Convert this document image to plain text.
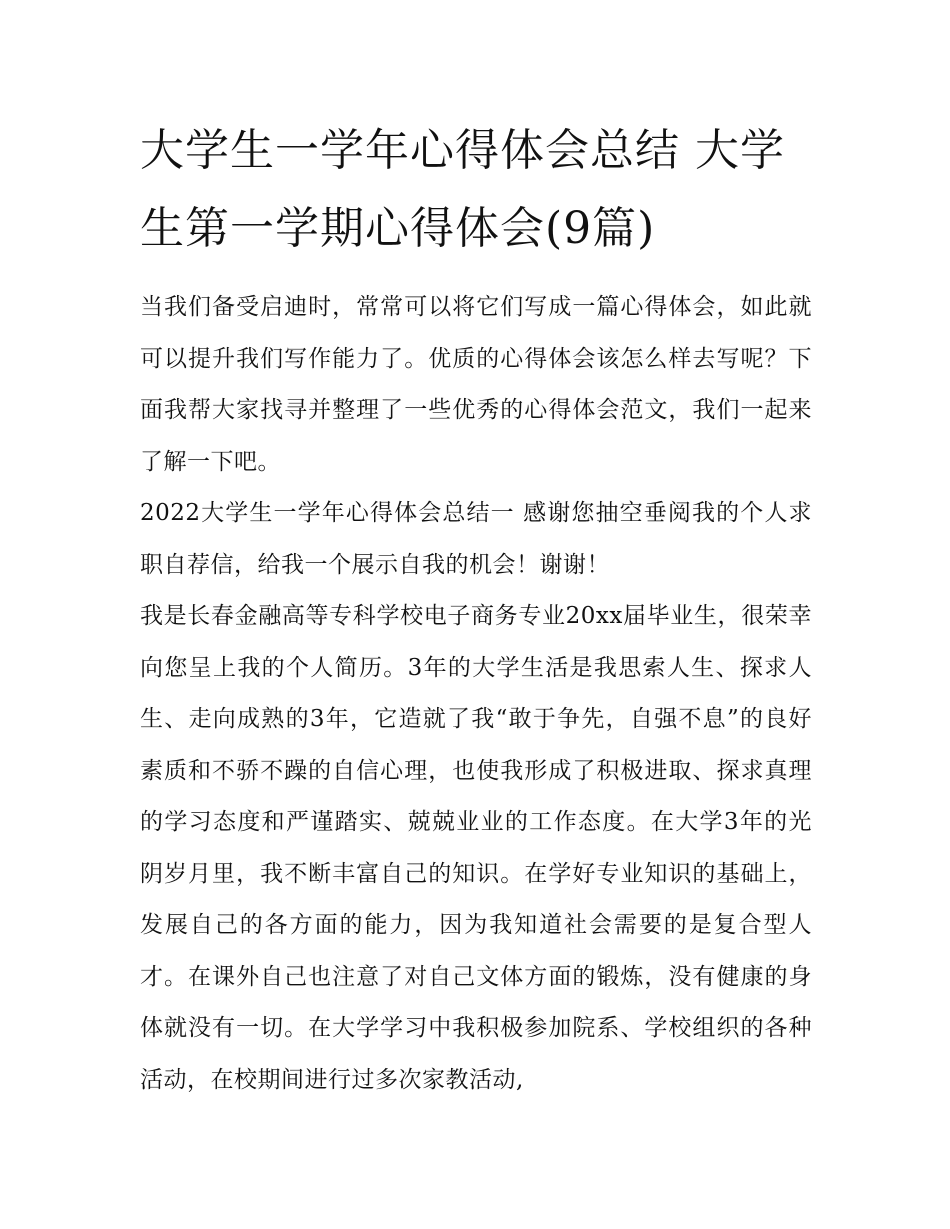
大学生一学年心得体会总结 大学生第一学期心得体会(9篇)

当我们备受启迪时，常常可以将它们写成一篇心得体会，如此就可以提升我们写作能力了。优质的心得体会该怎么样去写呢？下面我帮大家找寻并整理了一些优秀的心得体会范文，我们一起来了解一下吧。

2022大学生一学年心得体会总结一 感谢您抽空垂阅我的个人求职自荐信，给我一个展示自我的机会！谢谢！

我是长春金融高等专科学校电子商务专业20xx届毕业生，很荣幸向您呈上我的个人简历。3年的大学生活是我思索人生、探求人生、走向成熟的3年，它造就了我“敢于争先，自强不息”的良好素质和不骄不躁的自信心理，也使我形成了积极进取、探求真理的学习态度和严谨踏实、兢兢业业的工作态度。在大学3年的光阴岁月里，我不断丰富自己的知识。在学好专业知识的基础上，发展自己的各方面的能力，因为我知道社会需要的是复合型人才。在课外自己也注意了对自己文体方面的锻炼，没有健康的身体就没有一切。在大学学习中我积极参加院系、学校组织的各种活动，在校期间进行过多次家教活动,
